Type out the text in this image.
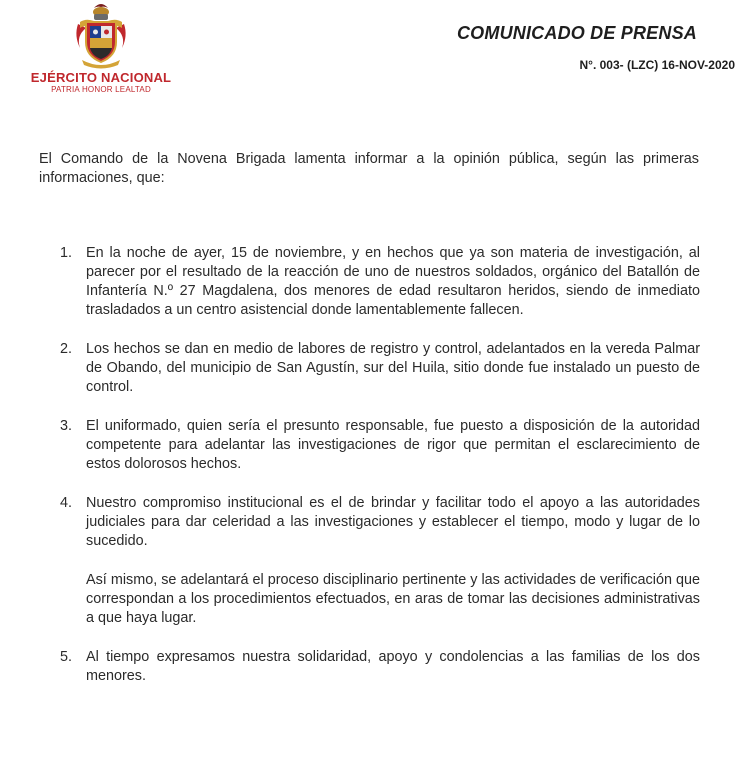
EJÉRCITO NACIONAL
PATRIA HONOR LEALTAD
COMUNICADO DE PRENSA
N°. 003- (LZC) 16-NOV-2020

El Comando de la Novena Brigada lamenta informar a la opinión pública, según las primeras informaciones, que:

1. En la noche de ayer, 15 de noviembre, y en hechos que ya son materia de investigación, al parecer por el resultado de la reacción de uno de nuestros soldados, orgánico del Batallón de Infantería N.º 27 Magdalena, dos menores de edad resultaron heridos, siendo de inmediato trasladados a un centro asistencial donde lamentablemente fallecen.

2. Los hechos se dan en medio de labores de registro y control, adelantados en la vereda Palmar de Obando, del municipio de San Agustín, sur del Huila, sitio donde fue instalado un puesto de control.

3. El uniformado, quien sería el presunto responsable, fue puesto a disposición de la autoridad competente para adelantar las investigaciones de rigor que permitan el esclarecimiento de estos dolorosos hechos.

4. Nuestro compromiso institucional es el de brindar y facilitar todo el apoyo a las autoridades judiciales para dar celeridad a las investigaciones y establecer el tiempo, modo y lugar de lo sucedido.

Así mismo, se adelantará el proceso disciplinario pertinente y las actividades de verificación que correspondan a los procedimientos efectuados, en aras de tomar las decisiones administrativas a que haya lugar.

5. Al tiempo expresamos nuestra solidaridad, apoyo y condolencias a las familias de los dos menores.
